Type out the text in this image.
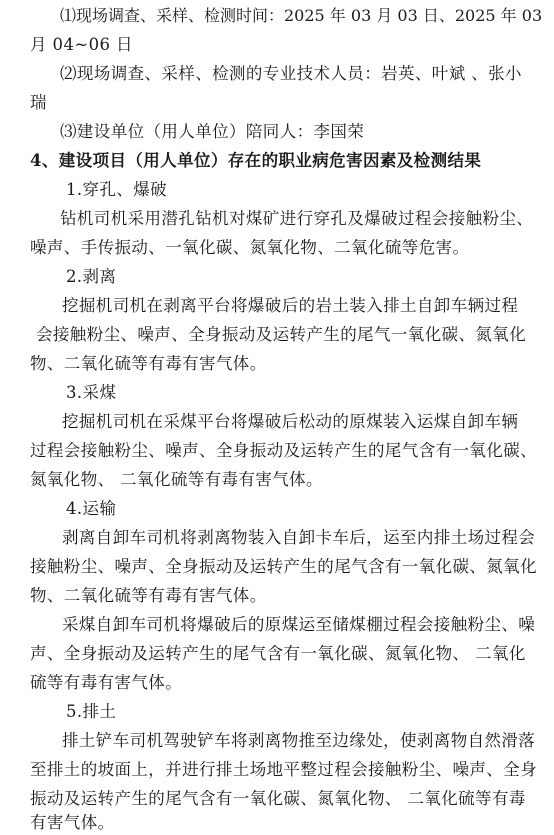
⑴现场调查、采样、检测时间：2025 年 03 月 03 日、2025 年 03
月 04~06 日
⑵现场调查、采样、检测的专业技术人员：岩英、叶斌 、张小
瑞
⑶建设单位（用人单位）陪同人：李国荣
4、建设项目（用人单位）存在的职业病危害因素及检测结果
1.穿孔、爆破
钻机司机采用潜孔钻机对煤矿进行穿孔及爆破过程会接触粉尘、
噪声、手传振动、一氧化碳、氮氧化物、二氧化硫等危害。
2.剥离
挖掘机司机在剥离平台将爆破后的岩土装入排土自卸车辆过程
会接触粉尘、噪声、全身振动及运转产生的尾气一氧化碳、氮氧化
物、二氧化硫等有毒有害气体。
3.采煤
挖掘机司机在采煤平台将爆破后松动的原煤装入运煤自卸车辆
过程会接触粉尘、噪声、全身振动及运转产生的尾气含有一氧化碳、
氮氧化物、 二氧化硫等有毒有害气体。
4.运输
剥离自卸车司机将剥离物装入自卸卡车后，运至内排土场过程会
接触粉尘、噪声、全身振动及运转产生的尾气含有一氧化碳、氮氧化
物、二氧化硫等有毒有害气体。
采煤自卸车司机将爆破后的原煤运至储煤棚过程会接触粉尘、噪
声、全身振动及运转产生的尾气含有一氧化碳、氮氧化物、 二氧化
硫等有毒有害气体。
5.排土
排土铲车司机驾驶铲车将剥离物推至边缘处，使剥离物自然滑落
至排土的坡面上，并进行排土场地平整过程会接触粉尘、噪声、全身
振动及运转产生的尾气含有一氧化碳、氮氧化物、 二氧化硫等有毒
有害气体。
